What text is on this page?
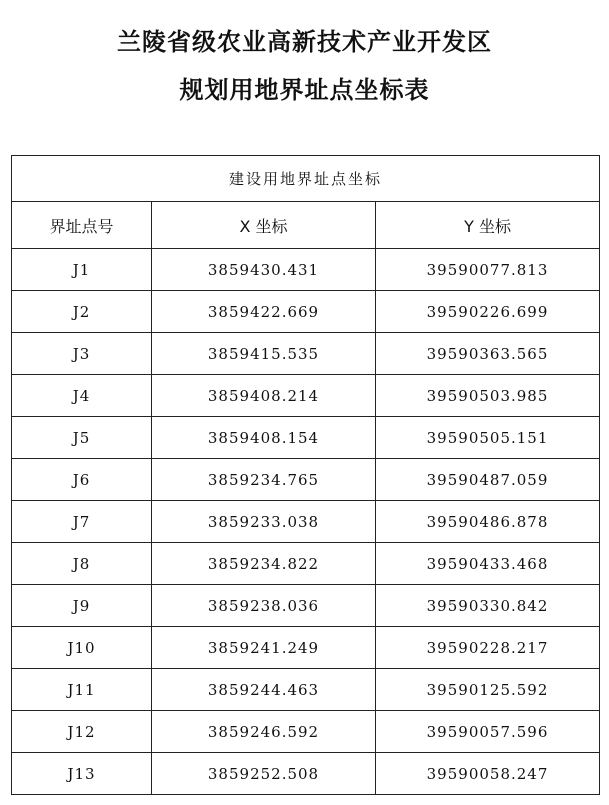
兰陵省级农业高新技术产业开发区
规划用地界址点坐标表
建设用地界址点坐标		
界址点号	X 坐标	Y 坐标
J1	3859430.431	39590077.813
J2	3859422.669	39590226.699
J3	3859415.535	39590363.565
J4	3859408.214	39590503.985
J5	3859408.154	39590505.151
J6	3859234.765	39590487.059
J7	3859233.038	39590486.878
J8	3859234.822	39590433.468
J9	3859238.036	39590330.842
J10	3859241.249	39590228.217
J11	3859244.463	39590125.592
J12	3859246.592	39590057.596
J13	3859252.508	39590058.247
